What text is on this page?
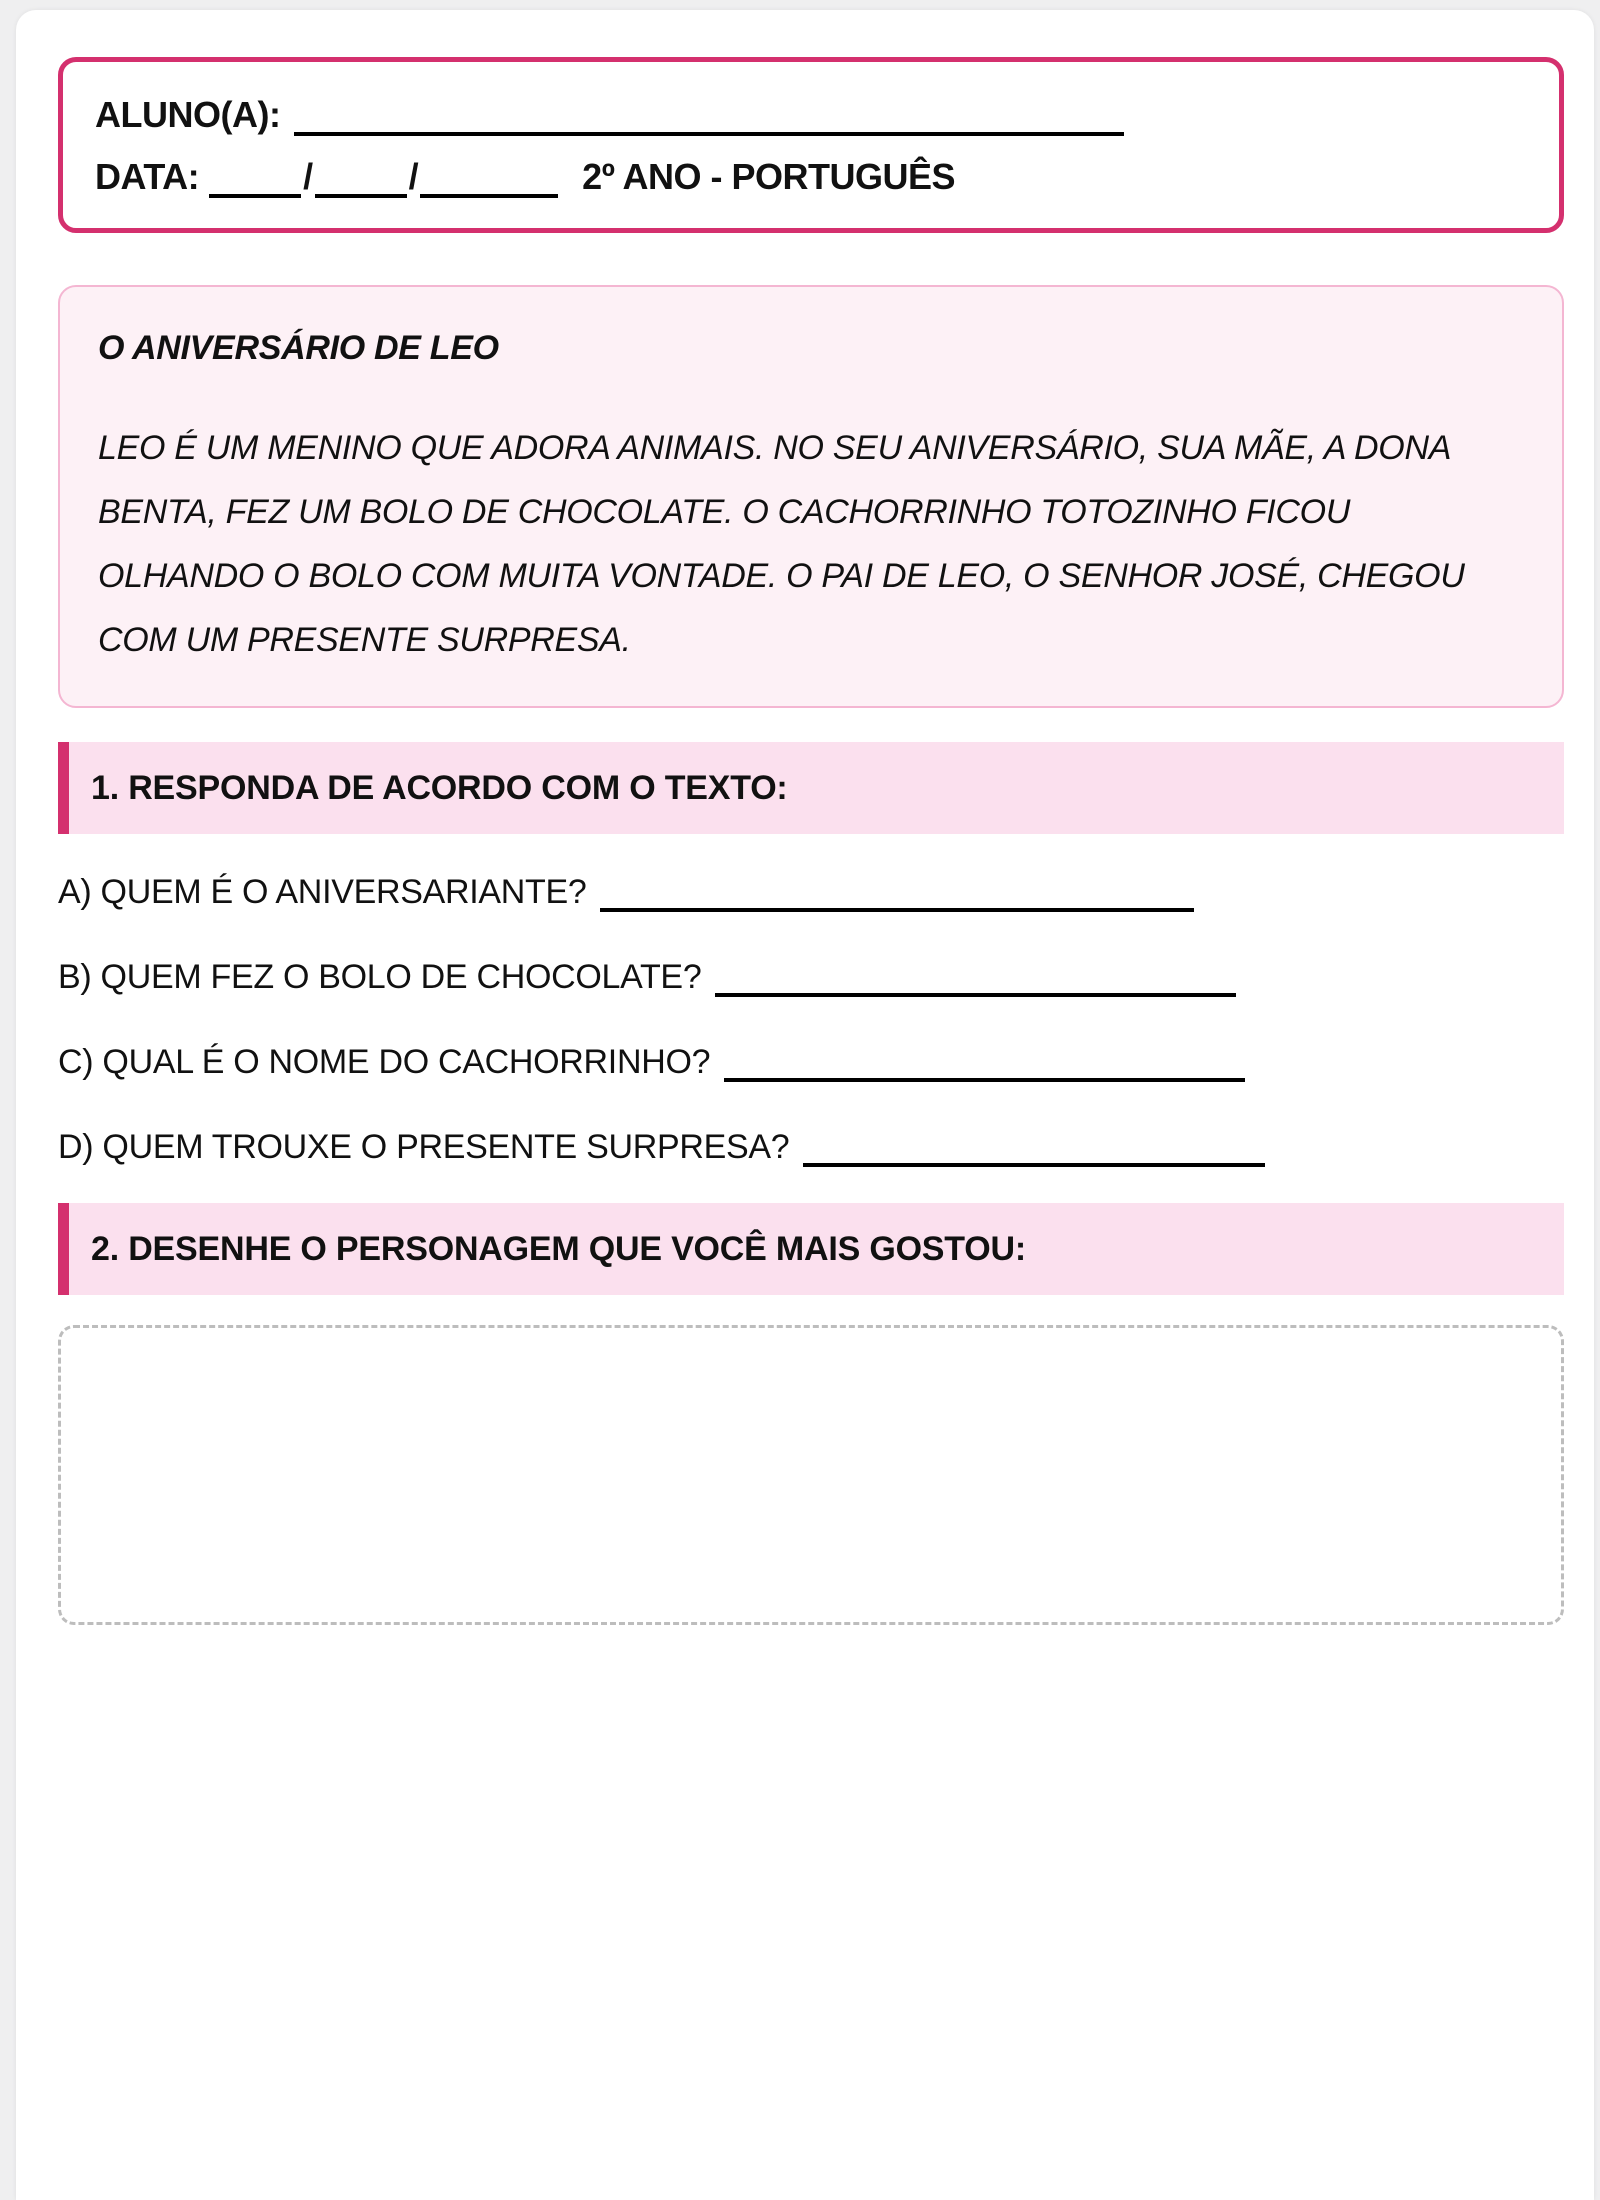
ALUNO(A):
DATA:	/	/	2º ANO - PORTUGUÊS
O ANIVERSÁRIO DE LEO
LEO É UM MENINO QUE ADORA ANIMAIS. NO SEU ANIVERSÁRIO, SUA MÃE, A DONA
BENTA, FEZ UM BOLO DE CHOCOLATE. O CACHORRINHO TOTOZINHO FICOU
OLHANDO O BOLO COM MUITA VONTADE. O PAI DE LEO, O SENHOR JOSÉ, CHEGOU
COM UM PRESENTE SURPRESA.
1. RESPONDA DE ACORDO COM O TEXTO:
A) QUEM É O ANIVERSARIANTE?
B) QUEM FEZ O BOLO DE CHOCOLATE?
C) QUAL É O NOME DO CACHORRINHO?
D) QUEM TROUXE O PRESENTE SURPRESA?
2. DESENHE O PERSONAGEM QUE VOCÊ MAIS GOSTOU:
